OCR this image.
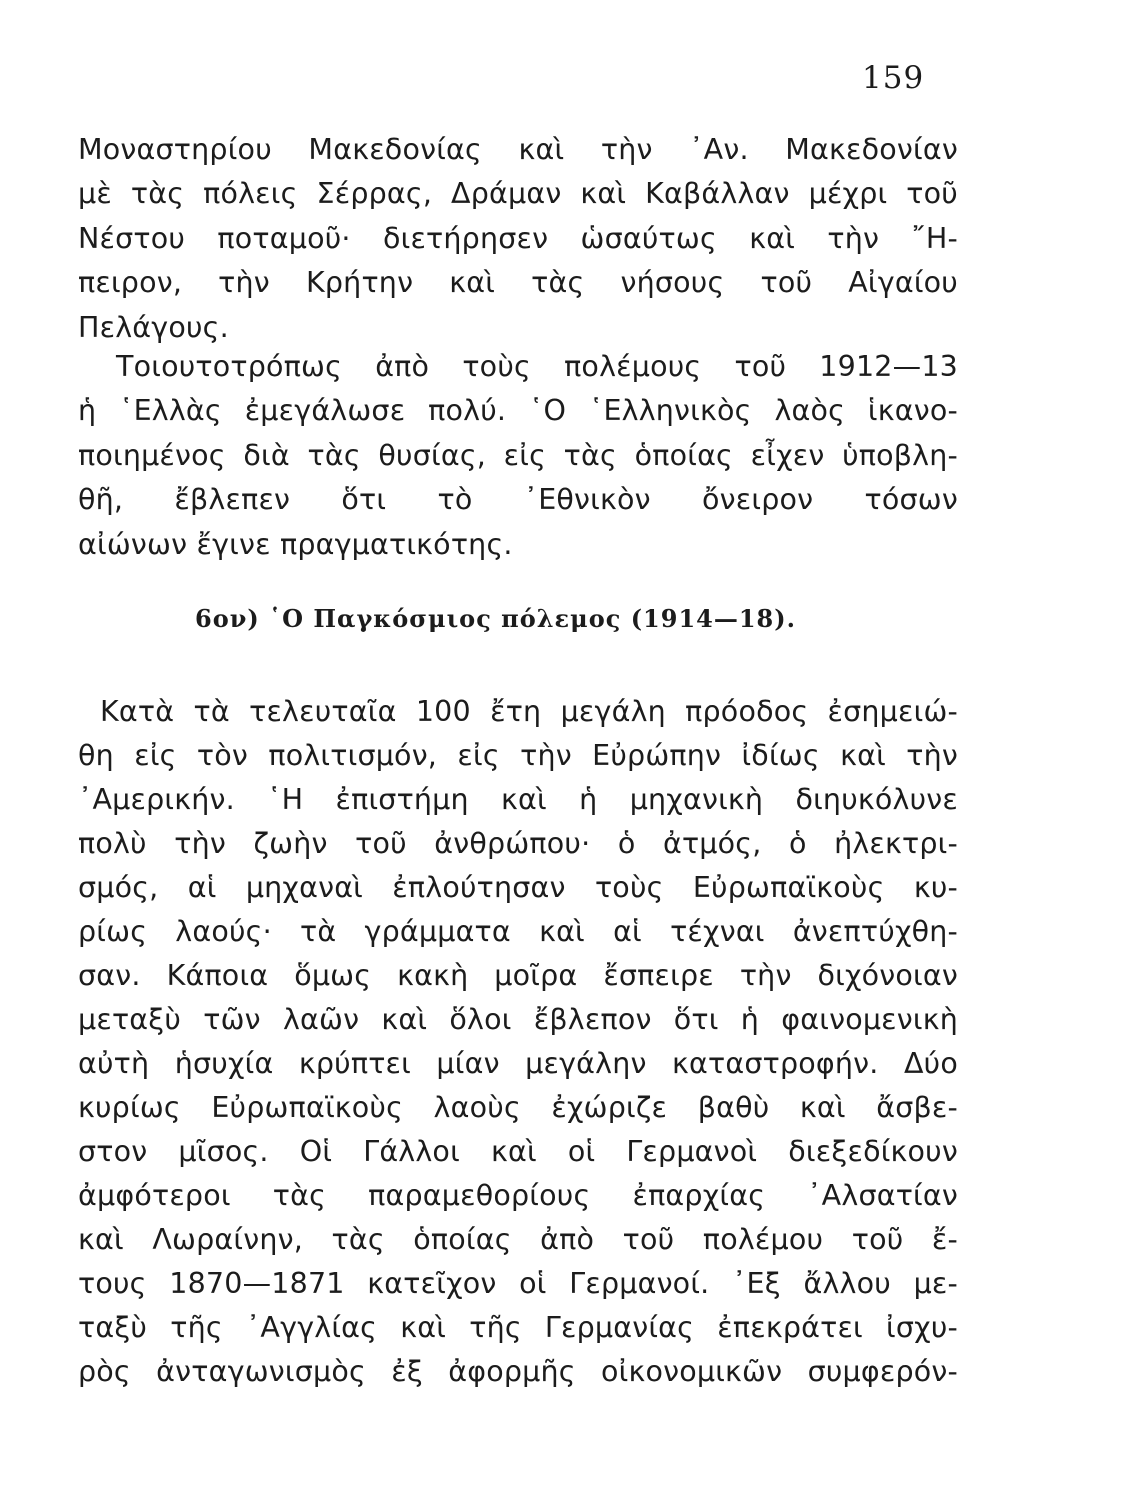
159
Μοναστηρίου Μακεδονίας καὶ τὴν ᾽Αν. Μακεδονίαν
μὲ τὰς πόλεις Σέρρας, Δράμαν καὶ Καβάλλαν μέχρι τοῦ
Νέστου ποταμοῦ· διετήρησεν ὡσαύτως καὶ τὴν ῎Η-
πειρον, τὴν Κρήτην καὶ τὰς νήσους τοῦ Αἰγαίου
Πελάγους.
Τοιουτοτρόπως ἀπὸ τοὺς πολέμους τοῦ 1912—13
ἡ ῾Ελλὰς ἐμεγάλωσε πολύ. ῾Ο ῾Ελληνικὸς λαὸς ἱκανο-
ποιημένος διὰ τὰς θυσίας, εἰς τὰς ὁποίας εἶχεν ὑποβλη-
θῆ, ἔβλεπεν ὅτι τὸ ᾽Εθνικὸν ὄνειρον τόσων
αἰώνων ἔγινε πραγματικότης.
6ον) ῾Ο Παγκόσμιος πόλεμος (1914—18).
Κατὰ τὰ τελευταῖα 100 ἔτη μεγάλη πρόοδος ἐσημειώ-
θη εἰς τὸν πολιτισμόν, εἰς τὴν Εὐρώπην ἰδίως καὶ τὴν
᾽Αμερικήν. ῾Η ἐπιστήμη καὶ ἡ μηχανικὴ διηυκόλυνε
πολὺ τὴν ζωὴν τοῦ ἀνθρώπου· ὁ ἀτμός, ὁ ἠλεκτρι-
σμός, αἱ μηχαναὶ ἐπλούτησαν τοὺς Εὐρωπαϊκοὺς κυ-
ρίως λαούς· τὰ γράμματα καὶ αἱ τέχναι ἀνεπτύχθη-
σαν. Κάποια ὅμως κακὴ μοῖρα ἔσπειρε τὴν διχόνοιαν
μεταξὺ τῶν λαῶν καὶ ὅλοι ἔβλεπον ὅτι ἡ φαινομενικὴ
αὐτὴ ἡσυχία κρύπτει μίαν μεγάλην καταστροφήν. Δύο
κυρίως Εὐρωπαϊκοὺς λαοὺς ἐχώριζε βαθὺ καὶ ἄσβε-
στον μῖσος. Οἱ Γάλλοι καὶ οἱ Γερμανοὶ διεξεδίκουν
ἀμφότεροι τὰς παραμεθορίους ἐπαρχίας ᾽Αλσατίαν
καὶ Λωραίνην, τὰς ὁποίας ἀπὸ τοῦ πολέμου τοῦ ἔ-
τους 1870—1871 κατεῖχον οἱ Γερμανοί. ᾽Εξ ἄλλου με-
ταξὺ τῆς ᾽Αγγλίας καὶ τῆς Γερμανίας ἐπεκράτει ἰσχυ-
ρὸς ἀνταγωνισμὸς ἐξ ἀφορμῆς οἰκονομικῶν συμφερόν-
